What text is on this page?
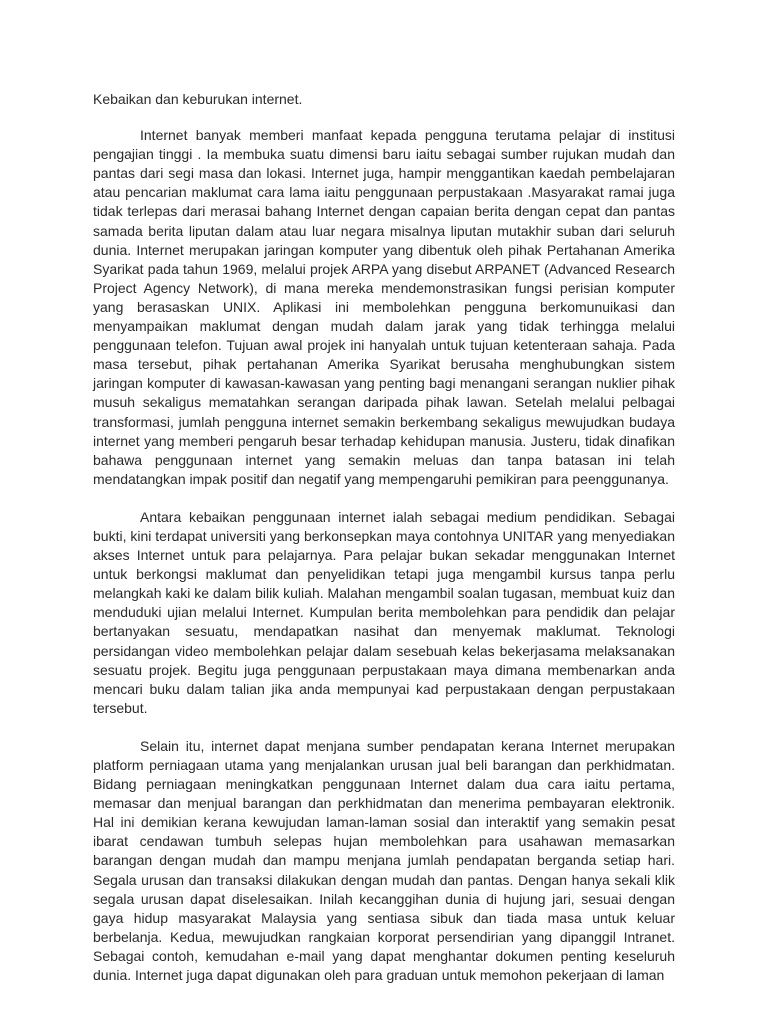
Kebaikan dan keburukan internet.

Internet banyak memberi manfaat kepada pengguna terutama pelajar di institusi pengajian tinggi . Ia membuka suatu dimensi baru iaitu sebagai sumber rujukan mudah dan pantas dari segi masa dan lokasi. Internet juga, hampir menggantikan kaedah pembelajaran atau pencarian maklumat cara lama iaitu penggunaan perpustakaan .Masyarakat ramai juga tidak terlepas dari merasai bahang Internet dengan capaian berita dengan cepat dan pantas samada berita liputan dalam atau luar negara misalnya liputan mutakhir suban dari seluruh dunia. Internet merupakan jaringan komputer yang dibentuk oleh pihak Pertahanan Amerika Syarikat pada tahun 1969, melalui projek ARPA yang disebut ARPANET (Advanced Research Project Agency Network), di mana mereka mendemonstrasikan fungsi perisian komputer yang berasaskan UNIX. Aplikasi ini membolehkan pengguna berkomunuikasi dan menyampaikan maklumat dengan mudah dalam jarak yang tidak terhingga melalui penggunaan telefon. Tujuan awal projek ini hanyalah untuk tujuan ketenteraan sahaja. Pada masa tersebut, pihak pertahanan Amerika Syarikat berusaha menghubungkan sistem jaringan komputer di kawasan-kawasan yang penting bagi menangani serangan nuklier pihak musuh sekaligus mematahkan serangan daripada pihak lawan. Setelah melalui pelbagai transformasi, jumlah pengguna internet semakin berkembang sekaligus mewujudkan budaya internet yang memberi pengaruh besar terhadap kehidupan manusia. Justeru, tidak dinafikan bahawa penggunaan internet yang semakin meluas dan tanpa batasan ini telah mendatangkan impak positif dan negatif yang mempengaruhi pemikiran para peenggunanya.

Antara kebaikan penggunaan internet ialah sebagai medium pendidikan. Sebagai bukti, kini terdapat universiti yang berkonsepkan maya contohnya UNITAR yang menyediakan akses Internet untuk para pelajarnya. Para pelajar bukan sekadar menggunakan Internet untuk berkongsi maklumat dan penyelidikan tetapi juga mengambil kursus tanpa perlu melangkah kaki ke dalam bilik kuliah. Malahan mengambil soalan tugasan, membuat kuiz dan menduduki ujian melalui Internet. Kumpulan berita membolehkan para pendidik dan pelajar bertanyakan sesuatu, mendapatkan nasihat dan menyemak maklumat. Teknologi persidangan video membolehkan pelajar dalam sesebuah kelas bekerjasama melaksanakan sesuatu projek. Begitu juga penggunaan perpustakaan maya dimana membenarkan anda mencari buku dalam talian jika anda mempunyai kad perpustakaan dengan perpustakaan tersebut.

Selain itu, internet dapat menjana sumber pendapatan kerana Internet merupakan platform perniagaan utama yang menjalankan urusan jual beli barangan dan perkhidmatan. Bidang perniagaan meningkatkan penggunaan Internet dalam dua cara iaitu pertama, memasar dan menjual barangan dan perkhidmatan dan menerima pembayaran elektronik. Hal ini demikian kerana kewujudan laman-laman sosial dan interaktif yang semakin pesat ibarat cendawan tumbuh selepas hujan membolehkan para usahawan memasarkan barangan dengan mudah dan mampu menjana jumlah pendapatan berganda setiap hari. Segala urusan dan transaksi dilakukan dengan mudah dan pantas. Dengan hanya sekali klik segala urusan dapat diselesaikan. Inilah kecanggihan dunia di hujung jari, sesuai dengan gaya hidup masyarakat Malaysia yang sentiasa sibuk dan tiada masa untuk keluar berbelanja. Kedua, mewujudkan rangkaian korporat persendirian yang dipanggil Intranet. Sebagai contoh, kemudahan e-mail yang dapat menghantar dokumen penting keseluruh dunia. Internet juga dapat digunakan oleh para graduan untuk memohon pekerjaan di laman
